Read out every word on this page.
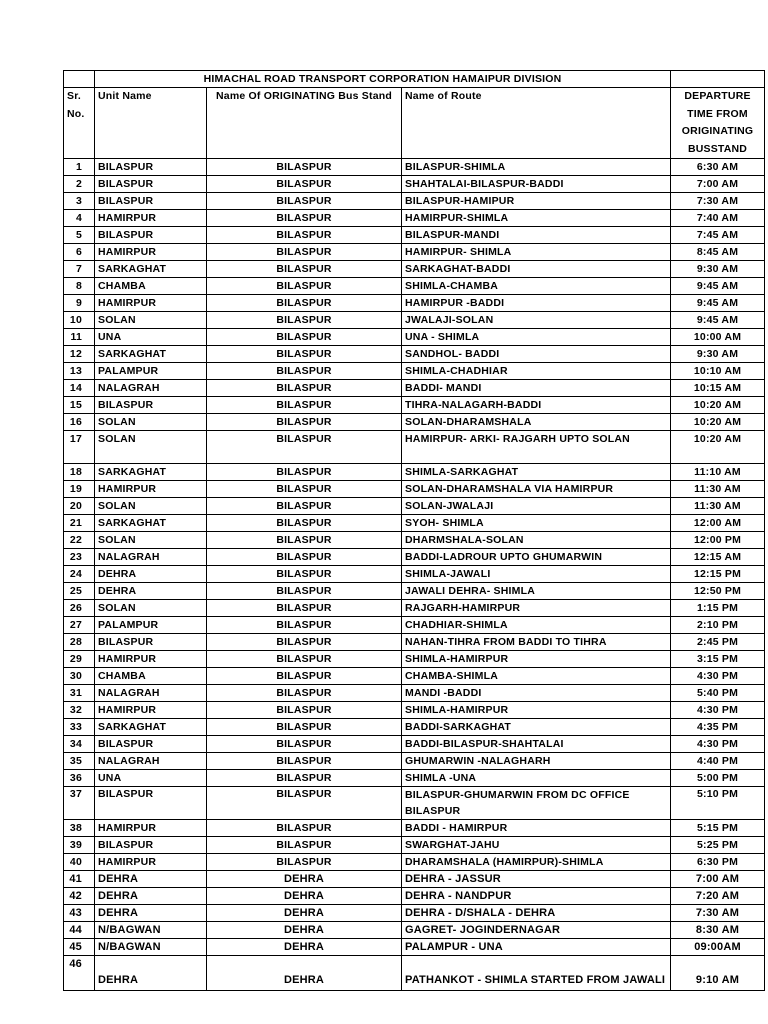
	HIMACHAL ROAD TRANSPORT CORPORATION HAMAIPUR DIVISION			
Sr. No.	Unit Name	Name Of ORIGINATING Bus Stand	Name of Route	DEPARTURE TIME FROM ORIGINATING BUSSTAND
1	BILASPUR	BILASPUR	BILASPUR-SHIMLA	6:30 AM
2	BILASPUR	BILASPUR	SHAHTALAI-BILASPUR-BADDI	7:00 AM
3	BILASPUR	BILASPUR	BILASPUR-HAMIPUR	7:30 AM
4	HAMIRPUR	BILASPUR	HAMIRPUR-SHIMLA	7:40 AM
5	BILASPUR	BILASPUR	BILASPUR-MANDI	7:45 AM
6	HAMIRPUR	BILASPUR	HAMIRPUR- SHIMLA	8:45 AM
7	SARKAGHAT	BILASPUR	SARKAGHAT-BADDI	9:30 AM
8	CHAMBA	BILASPUR	SHIMLA-CHAMBA	9:45 AM
9	HAMIRPUR	BILASPUR	HAMIRPUR -BADDI	9:45 AM
10	SOLAN	BILASPUR	JWALAJI-SOLAN	9:45 AM
11	UNA	BILASPUR	UNA - SHIMLA	10:00 AM
12	SARKAGHAT	BILASPUR	SANDHOL- BADDI	9:30 AM
13	PALAMPUR	BILASPUR	SHIMLA-CHADHIAR	10:10 AM
14	NALAGRAH	BILASPUR	BADDI- MANDI	10:15 AM
15	BILASPUR	BILASPUR	TIHRA-NALAGARH-BADDI	10:20 AM
16	SOLAN	BILASPUR	SOLAN-DHARAMSHALA	10:20 AM
17	SOLAN	BILASPUR	HAMIRPUR- ARKI- RAJGARH UPTO SOLAN	10:20 AM
18	SARKAGHAT	BILASPUR	SHIMLA-SARKAGHAT	11:10 AM
19	HAMIRPUR	BILASPUR	SOLAN-DHARAMSHALA VIA HAMIRPUR	11:30 AM
20	SOLAN	BILASPUR	SOLAN-JWALAJI	11:30 AM
21	SARKAGHAT	BILASPUR	SYOH- SHIMLA	12:00 AM
22	SOLAN	BILASPUR	DHARMSHALA-SOLAN	12:00 PM
23	NALAGRAH	BILASPUR	BADDI-LADROUR UPTO GHUMARWIN	12:15 AM
24	DEHRA	BILASPUR	SHIMLA-JAWALI	12:15 PM
25	DEHRA	BILASPUR	JAWALI DEHRA- SHIMLA	12:50 PM
26	SOLAN	BILASPUR	RAJGARH-HAMIRPUR	1:15 PM
27	PALAMPUR	BILASPUR	CHADHIAR-SHIMLA	2:10 PM
28	BILASPUR	BILASPUR	NAHAN-TIHRA FROM BADDI TO TIHRA	2:45 PM
29	HAMIRPUR	BILASPUR	SHIMLA-HAMIRPUR	3:15 PM
30	CHAMBA	BILASPUR	CHAMBA-SHIMLA	4:30 PM
31	NALAGRAH	BILASPUR	MANDI -BADDI	5:40 PM
32	HAMIRPUR	BILASPUR	SHIMLA-HAMIRPUR	4:30 PM
33	SARKAGHAT	BILASPUR	BADDI-SARKAGHAT	4:35 PM
34	BILASPUR	BILASPUR	BADDI-BILASPUR-SHAHTALAI	4:30 PM
35	NALAGRAH	BILASPUR	GHUMARWIN -NALAGHARH	4:40 PM
36	UNA	BILASPUR	SHIMLA -UNA	5:00 PM
37	BILASPUR	BILASPUR	BILASPUR-GHUMARWIN FROM DC OFFICE BILASPUR	5:10 PM
38	HAMIRPUR	BILASPUR	BADDI - HAMIRPUR	5:15 PM
39	BILASPUR	BILASPUR	SWARGHAT-JAHU	5:25 PM
40	HAMIRPUR	BILASPUR	DHARAMSHALA (HAMIRPUR)-SHIMLA	6:30 PM
41	DEHRA	DEHRA	DEHRA - JASSUR	7:00 AM
42	DEHRA	DEHRA	DEHRA - NANDPUR	7:20 AM
43	DEHRA	DEHRA	DEHRA - D/SHALA - DEHRA	7:30 AM
44	N/BAGWAN	DEHRA	GAGRET- JOGINDERNAGAR	8:30 AM
45	N/BAGWAN	DEHRA	PALAMPUR - UNA	09:00AM
46	DEHRA	DEHRA	PATHANKOT - SHIMLA STARTED FROM JAWALI	9:10 AM
